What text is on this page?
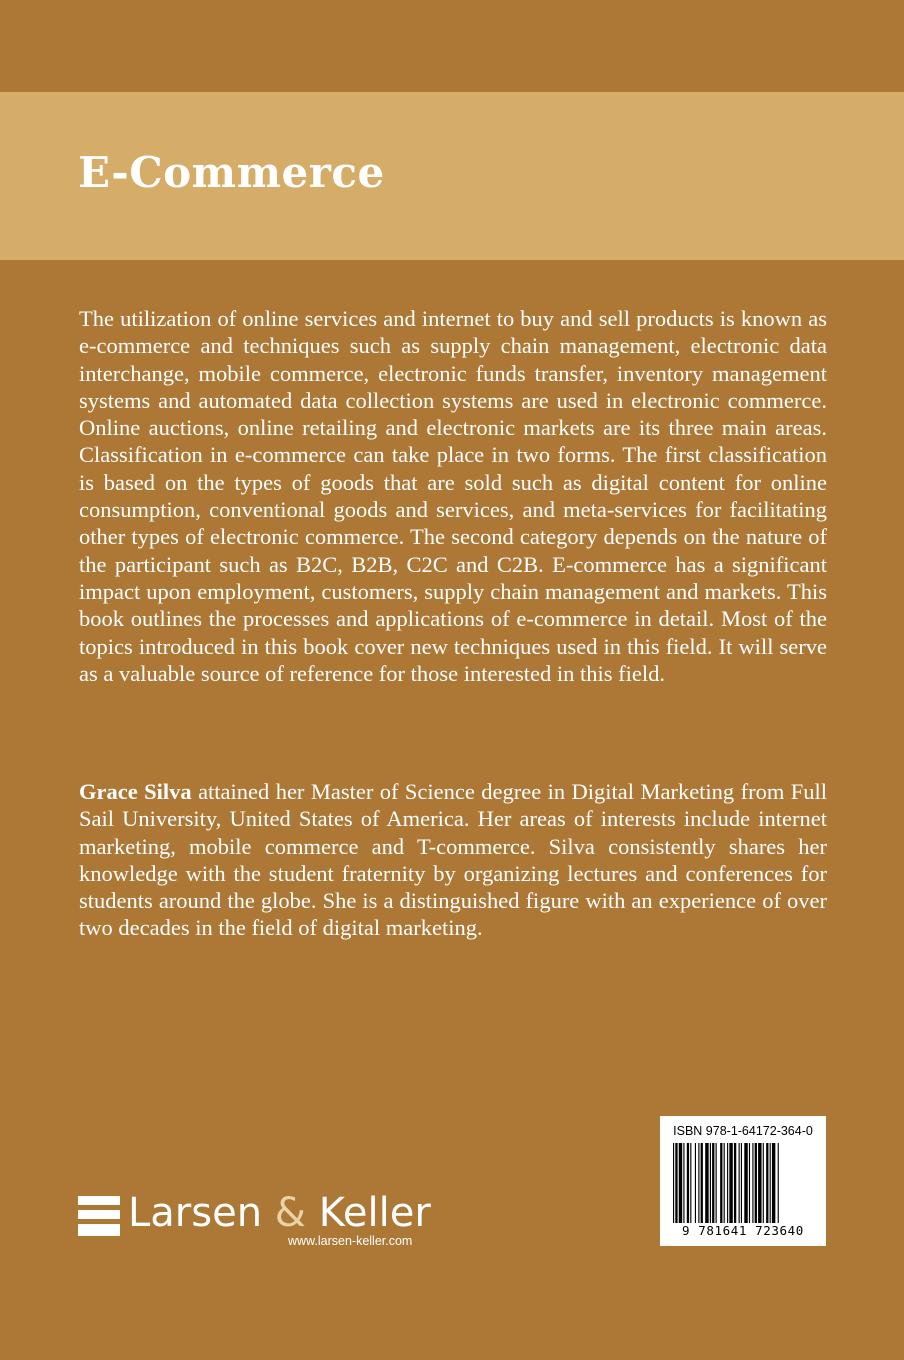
E-Commerce

The utilization of online services and internet to buy and sell products is known as e-commerce and techniques such as supply chain management, electronic data interchange, mobile commerce, electronic funds transfer, inventory management systems and automated data collection systems are used in electronic commerce. Online auctions, online retailing and electronic markets are its three main areas. Classification in e-commerce can take place in two forms. The first classification is based on the types of goods that are sold such as digital content for online consumption, conventional goods and services, and meta-services for facilitating other types of electronic commerce. The second category depends on the nature of the participant such as B2C, B2B, C2C and C2B. E-commerce has a significant impact upon employment, customers, supply chain management and markets. This book outlines the processes and applications of e-commerce in detail. Most of the topics introduced in this book cover new techniques used in this field. It will serve as a valuable source of reference for those interested in this field.

Grace Silva attained her Master of Science degree in Digital Marketing from Full Sail University, United States of America. Her areas of interests include internet marketing, mobile commerce and T-commerce. Silva consistently shares her knowledge with the student fraternity by organizing lectures and conferences for students around the globe. She is a distinguished figure with an experience of over two decades in the field of digital marketing.

Larsen & Keller
www.larsen-keller.com
ISBN 978-1-64172-364-0
9 781641 723640
